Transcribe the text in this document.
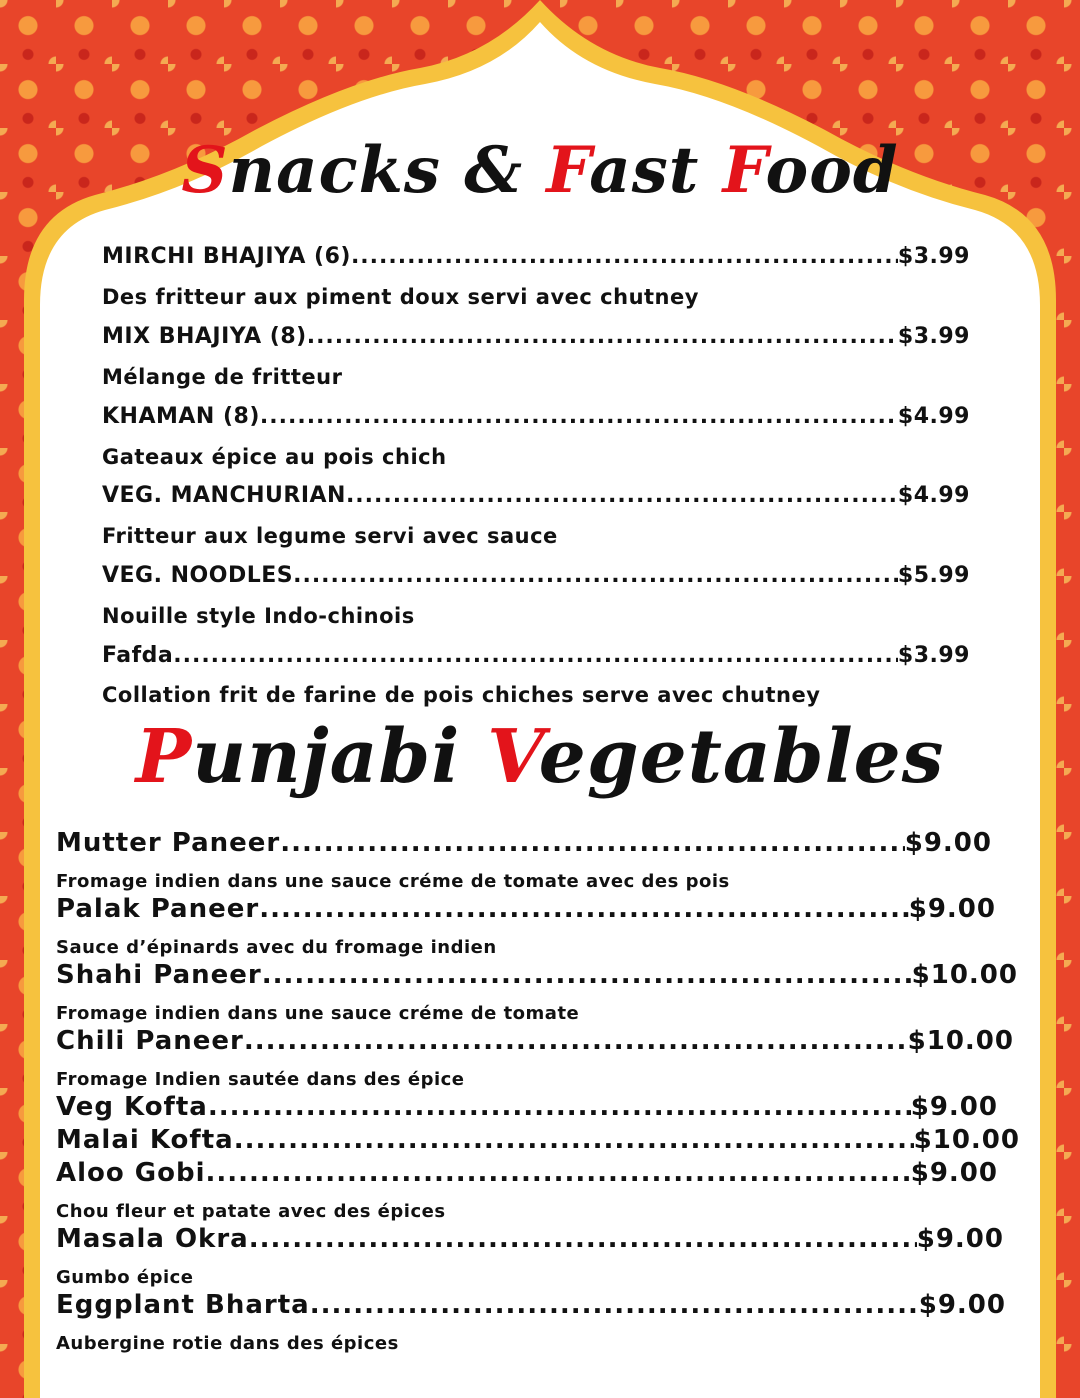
Snacks & Fast Food
MIRCHI BHAJIYA (6) .....	$3.99
Des fritteur aux piment doux servi avec chutney
MIX BHAJIYA (8) .....	$3.99
Mélange de fritteur
KHAMAN (8) .....	$4.99
Gateaux épice au pois chich
VEG. MANCHURIAN .....	$4.99
Fritteur aux legume servi avec sauce
VEG. NOODLES .....	$5.99
Nouille style Indo-chinois
Fafda .....	$3.99
Collation frit de farine de pois chiches serve avec chutney
Punjabi Vegetables
Mutter Paneer .....	$9.00
Fromage indien dans une sauce créme de tomate avec des pois
Palak Paneer .....	$9.00
Sauce d’épinards avec du fromage indien
Shahi Paneer .....	$10.00
Fromage indien dans une sauce créme de tomate
Chili Paneer .....	$10.00
Fromage Indien sautée dans des épice
Veg Kofta .....	$9.00
Malai Kofta .....	$10.00
Aloo Gobi .....	$9.00
Chou fleur et patate avec des épices
Masala Okra .....	$9.00
Gumbo épice
Eggplant Bharta .....	$9.00
Aubergine rotie dans des épices
